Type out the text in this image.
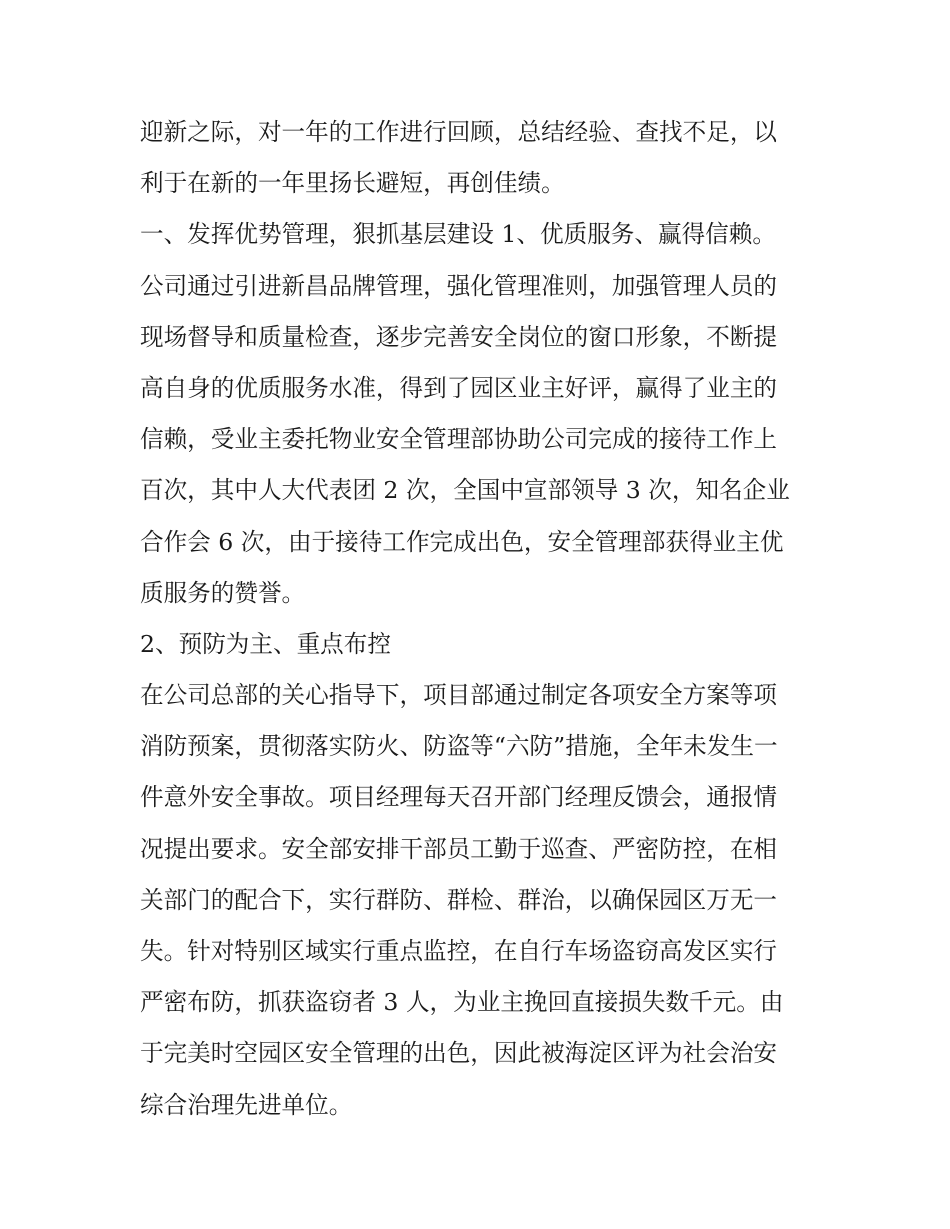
迎新之际，对一年的工作进行回顾，总结经验、查找不足，以
利于在新的一年里扬长避短，再创佳绩。
一、发挥优势管理，狠抓基层建设 1、优质服务、赢得信赖。
公司通过引进新昌品牌管理，强化管理准则，加强管理人员的
现场督导和质量检查，逐步完善安全岗位的窗口形象，不断提
高自身的优质服务水准，得到了园区业主好评，赢得了业主的
信赖，受业主委托物业安全管理部协助公司完成的接待工作上
百次，其中人大代表团 2 次，全国中宣部领导 3 次，知名企业
合作会 6 次，由于接待工作完成出色，安全管理部获得业主优
质服务的赞誉。
2、预防为主、重点布控
在公司总部的关心指导下，项目部通过制定各项安全方案等项
消防预案，贯彻落实防火、防盗等“六防”措施，全年未发生一
件意外安全事故。项目经理每天召开部门经理反馈会，通报情
况提出要求。安全部安排干部员工勤于巡查、严密防控，在相
关部门的配合下，实行群防、群检、群治，以确保园区万无一
失。针对特别区域实行重点监控，在自行车场盗窃高发区实行
严密布防，抓获盗窃者 3 人，为业主挽回直接损失数千元。由
于完美时空园区安全管理的出色，因此被海淀区评为社会治安
综合治理先进单位。
